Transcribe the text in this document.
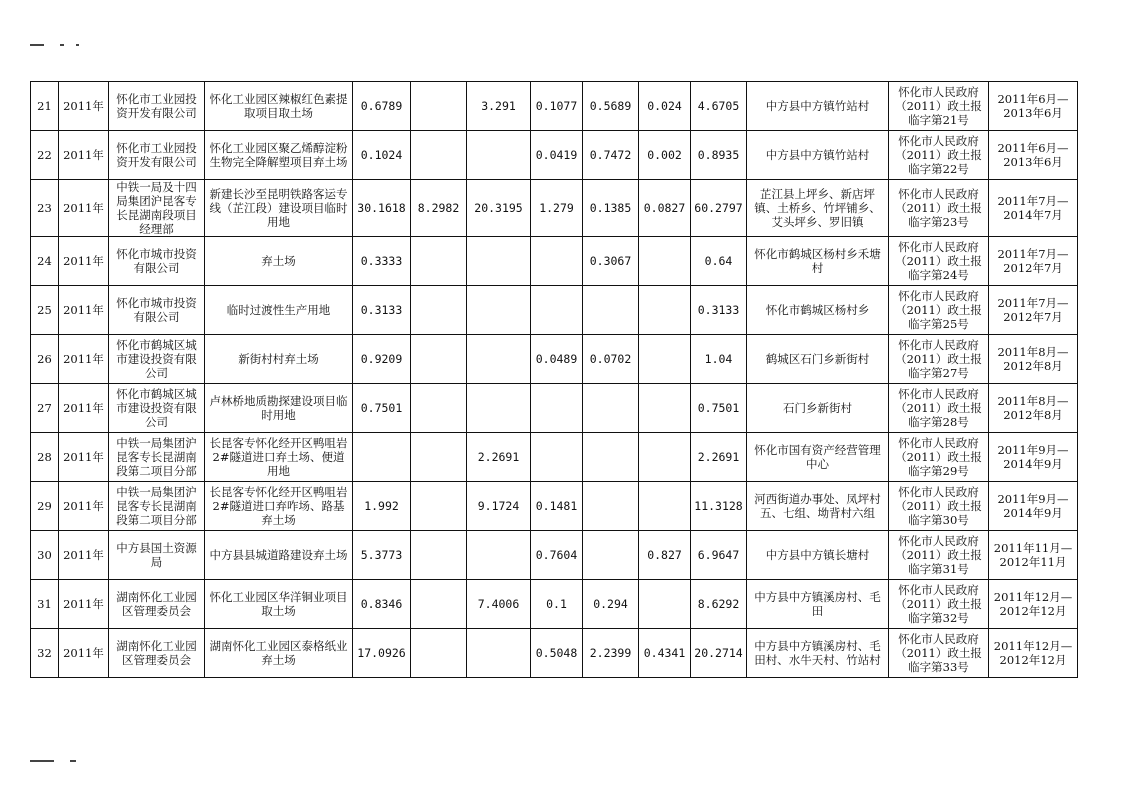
21	2011年	怀化市工业园投资开发有限公司	怀化工业园区辣椒红色素提取项目取土场	0.6789		3.291	0.1077	0.5689	0.024	4.6705	中方县中方镇竹站村	怀化市人民政府（2011）政土报临字第21号	2011年6月—2013年6月
22	2011年	怀化市工业园投资开发有限公司	怀化工业园区聚乙烯醇淀粉生物完全降解塑项目弃土场	0.1024			0.0419	0.7472	0.002	0.8935	中方县中方镇竹站村	怀化市人民政府（2011）政土报临字第22号	2011年6月—2013年6月
23	2011年	中铁一局及十四局集团沪昆客专长昆湖南段项目经理部	新建长沙至昆明铁路客运专线（芷江段）建设项目临时用地	30.1618	8.2982	20.3195	1.279	0.1385	0.0827	60.2797	芷江县上坪乡、新店坪镇、土桥乡、竹坪铺乡、艾头坪乡、罗旧镇	怀化市人民政府（2011）政土报临字第23号	2011年7月—2014年7月
24	2011年	怀化市城市投资有限公司	弃土场	0.3333				0.3067		0.64	怀化市鹤城区杨村乡禾塘村	怀化市人民政府（2011）政土报临字第24号	2011年7月—2012年7月
25	2011年	怀化市城市投资有限公司	临时过渡性生产用地	0.3133						0.3133	怀化市鹤城区杨村乡	怀化市人民政府（2011）政土报临字第25号	2011年7月—2012年7月
26	2011年	怀化市鹤城区城市建设投资有限公司	新街村村弃土场	0.9209			0.0489	0.0702		1.04	鹤城区石门乡新街村	怀化市人民政府（2011）政土报临字第27号	2011年8月—2012年8月
27	2011年	怀化市鹤城区城市建设投资有限公司	卢林桥地质勘探建设项目临时用地	0.7501						0.7501	石门乡新街村	怀化市人民政府（2011）政土报临字第28号	2011年8月—2012年8月
28	2011年	中铁一局集团沪昆客专长昆湖南段第二项目分部	长昆客专怀化经开区鸭咀岩2#隧道进口弃土场、便道用地			2.2691				2.2691	怀化市国有资产经营管理中心	怀化市人民政府（2011）政土报临字第29号	2011年9月—2014年9月
29	2011年	中铁一局集团沪昆客专长昆湖南段第二项目分部	长昆客专怀化经开区鸭咀岩2#隧道进口弃咋场、路基弃土场	1.992		9.1724	0.1481			11.3128	河西街道办事处、凤坪村五、七组、坳背村六组	怀化市人民政府（2011）政土报临字第30号	2011年9月—2014年9月
30	2011年	中方县国土资源局	中方县县城道路建设弃土场	5.3773			0.7604		0.827	6.9647	中方县中方镇长塘村	怀化市人民政府（2011）政土报临字第31号	2011年11月—2012年11月
31	2011年	湖南怀化工业园区管理委员会	怀化工业园区华洋铜业项目取土场	0.8346		7.4006	0.1	0.294		8.6292	中方县中方镇溪房村、毛田	怀化市人民政府（2011）政土报临字第32号	2011年12月—2012年12月
32	2011年	湖南怀化工业园区管理委员会	湖南怀化工业园区泰格纸业弃土场	17.0926			0.5048	2.2399	0.4341	20.2714	中方县中方镇溪房村、毛田村、水牛天村、竹站村	怀化市人民政府（2011）政土报临字第33号	2011年12月—2012年12月
